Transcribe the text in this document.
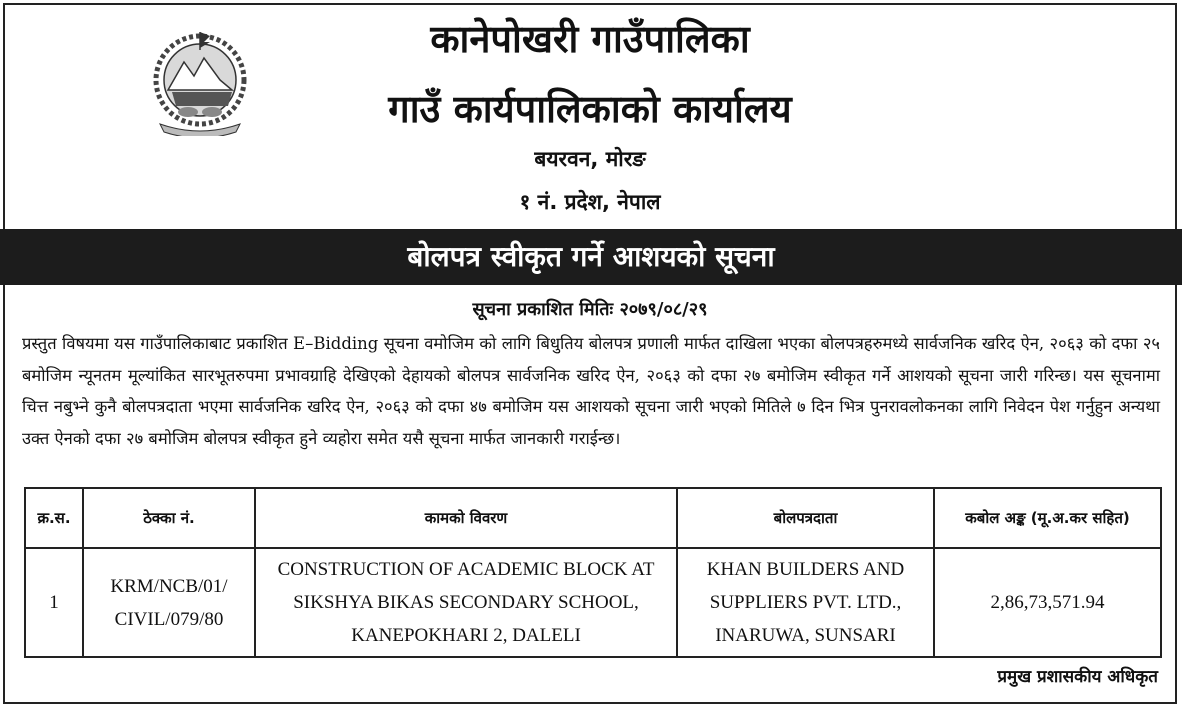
कानेपोखरी गाउँपालिका
गाउँ कार्यपालिकाको कार्यालय
बयरवन, मोरङ
१ नं. प्रदेश, नेपाल
बोलपत्र स्वीकृत गर्ने आशयको सूचना
सूचना प्रकाशित मितिः २०७९/०८/२९

प्रस्तुत विषयमा यस गाउँपालिकाबाट प्रकाशित E–Bidding सूचना वमोजिम को लागि बिधुतिय बोलपत्र प्रणाली मार्फत दाखिला भएका बोलपत्रहरुमध्ये सार्वजनिक खरिद ऐन, २०६३ को दफा २५ बमोजिम न्यूनतम मूल्यांकित सारभूतरुपमा प्रभावग्राहि देखिएको देहायको बोलपत्र सार्वजनिक खरिद ऐन, २०६३ को दफा २७ बमोजिम स्वीकृत गर्ने आशयको सूचना जारी गरिन्छ। यस सूचनामा चित्त नबुभ्ने कुनै बोलपत्रदाता भएमा सार्वजनिक खरिद ऐन, २०६३ को दफा ४७ बमोजिम यस आशयको सूचना जारी भएको मितिले ७ दिन भित्र पुनरावलोकनका लागि निवेदन पेश गर्नुहुन अन्यथा उक्त ऐनको दफा २७ बमोजिम बोलपत्र स्वीकृत हुने व्यहोरा समेत यसै सूचना मार्फत जानकारी गराईन्छ।

क्र.स.	ठेक्का नं.	कामको विवरण	बोलपत्रदाता	कबोल अङ्क (मू.अ.कर सहित)
1	KRM/NCB/01/ CIVIL/079/80	CONSTRUCTION OF ACADEMIC BLOCK AT SIKSHYA BIKAS SECONDARY SCHOOL, KANEPOKHARI 2, DALELI	KHAN BUILDERS AND SUPPLIERS PVT. LTD., INARUWA, SUNSARI	2,86,73,571.94
प्रमुख प्रशासकीय अधिकृत
